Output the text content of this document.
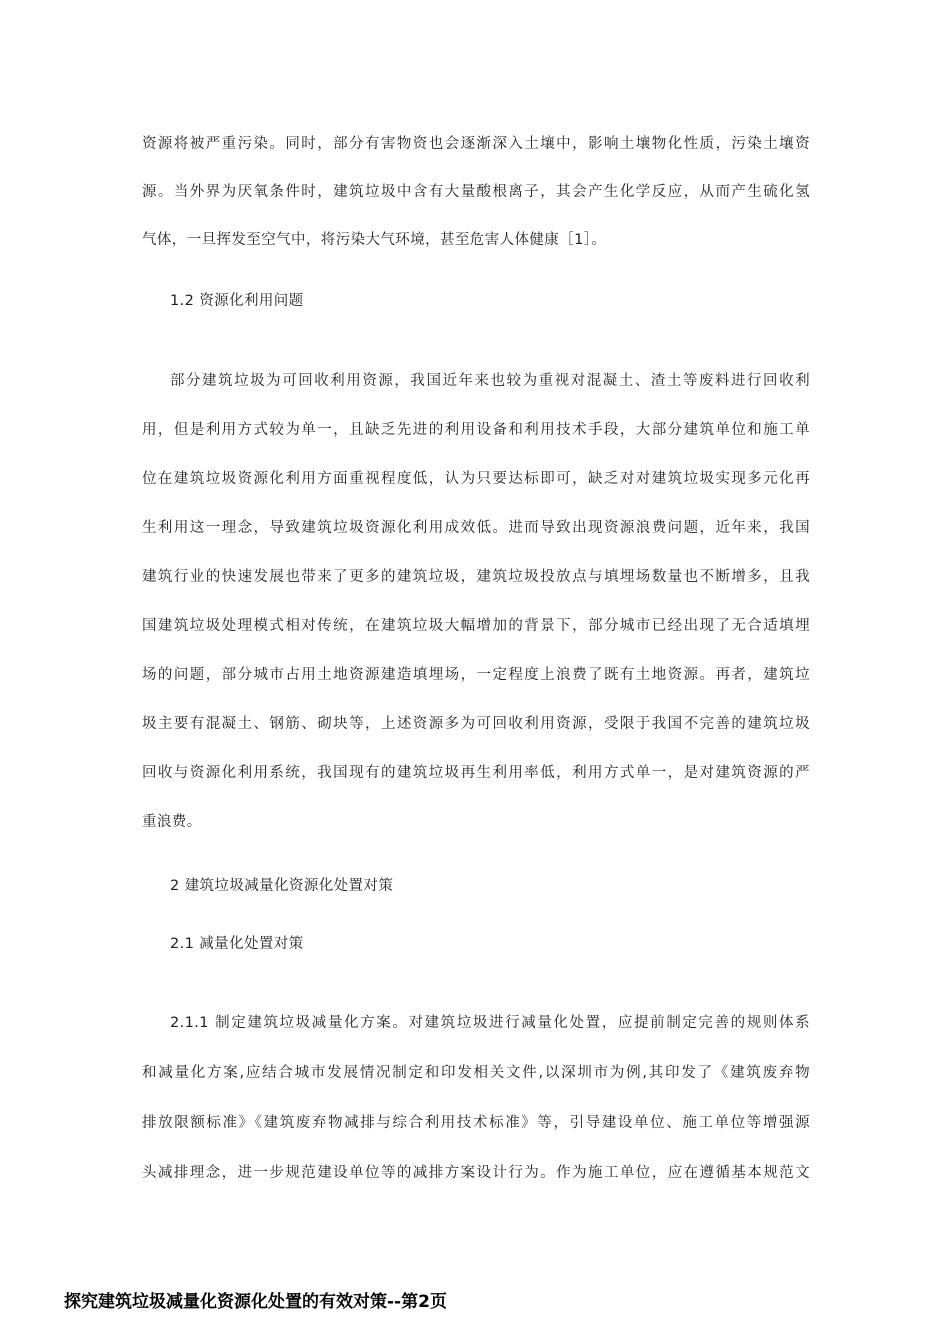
资源将被严重污染。同时，部分有害物资也会逐渐深入土壤中，影响土壤物化性质，污染土壤资
源。当外界为厌氧条件时，建筑垃圾中含有大量酸根离子，其会产生化学反应，从而产生硫化氢
气体，一旦挥发至空气中，将污染大气环境，甚至危害人体健康［1］。
1.2 资源化利用问题
部分建筑垃圾为可回收利用资源，我国近年来也较为重视对混凝土、渣土等废料进行回收利
用，但是利用方式较为单一，且缺乏先进的利用设备和利用技术手段，大部分建筑单位和施工单
位在建筑垃圾资源化利用方面重视程度低，认为只要达标即可，缺乏对对建筑垃圾实现多元化再
生利用这一理念，导致建筑垃圾资源化利用成效低。进而导致出现资源浪费问题，近年来，我国
建筑行业的快速发展也带来了更多的建筑垃圾，建筑垃圾投放点与填埋场数量也不断增多，且我
国建筑垃圾处理模式相对传统，在建筑垃圾大幅增加的背景下，部分城市已经出现了无合适填埋
场的问题，部分城市占用土地资源建造填埋场，一定程度上浪费了既有土地资源。再者，建筑垃
圾主要有混凝土、钢筋、砌块等，上述资源多为可回收利用资源，受限于我国不完善的建筑垃圾
回收与资源化利用系统，我国现有的建筑垃圾再生利用率低，利用方式单一，是对建筑资源的严
重浪费。
2 建筑垃圾减量化资源化处置对策
2.1 减量化处置对策
2.1.1 制定建筑垃圾减量化方案。对建筑垃圾进行减量化处置，应提前制定完善的规则体系
和减量化方案,应结合城市发展情况制定和印发相关文件,以深圳市为例,其印发了《建筑废弃物
排放限额标准》《建筑废弃物减排与综合利用技术标准》等，引导建设单位、施工单位等增强源
头减排理念，进一步规范建设单位等的减排方案设计行为。作为施工单位，应在遵循基本规范文
探究建筑垃圾减量化资源化处置的有效对策--第2页
